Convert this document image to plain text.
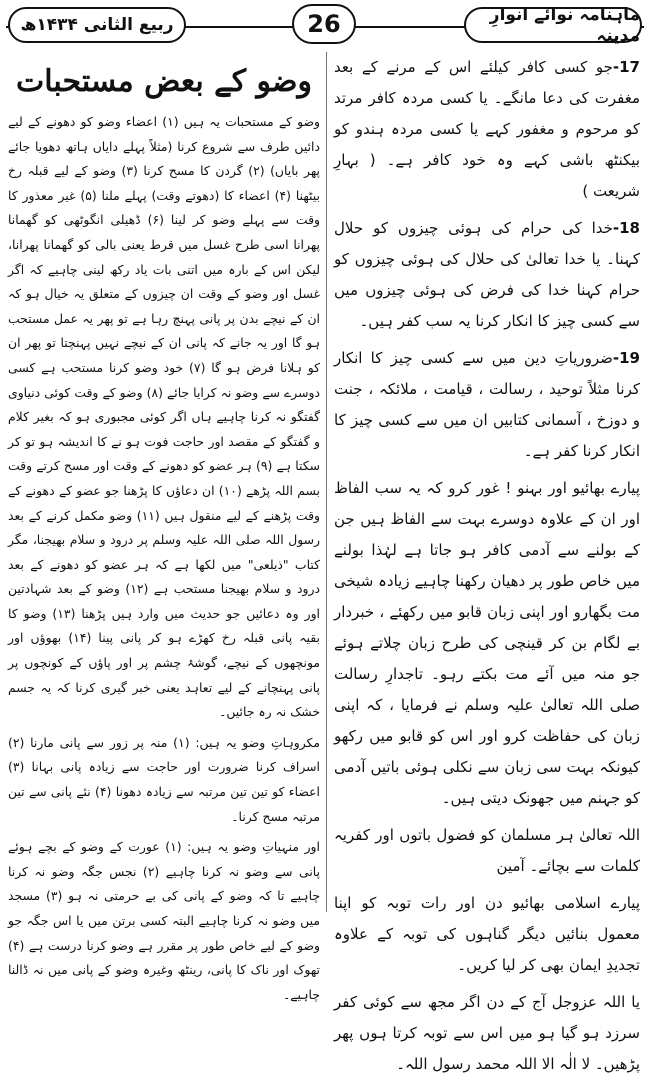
ربیع الثانی ۱۴۳۴ھ	26	ماہنامہ نوائے انوارِ مدینہ

17-جو کسی کافر کیلئے اس کے مرنے کے بعد مغفرت کی دعا مانگے۔ یا کسی مردہ کافر مرتد کو مرحوم و مغفور کہے یا کسی مردہ ہندو کو بیکنٹھ باشی کہے وہ خود کافر ہے۔ ( بہارِ شریعت )

18-خدا کی حرام کی ہوئی چیزوں کو حلال کہنا۔ یا خدا تعالیٰ کی حلال کی ہوئی چیزوں کو حرام کہنا خدا کی فرض کی ہوئی چیزوں میں سے کسی چیز کا انکار کرنا یہ سب کفر ہیں۔

19-ضروریاتِ دین میں سے کسی چیز کا انکار کرنا مثلاً توحید ، رسالت ، قیامت ، ملائکہ ، جنت و دوزخ ، آسمانی کتابیں ان میں سے کسی چیز کا انکار کرنا کفر ہے۔

پیارے بھائیو اور بہنو ! غور کرو کہ یہ سب الفاظ اور ان کے علاوہ دوسرے بہت سے الفاظ ہیں جن کے بولنے سے آدمی کافر ہو جاتا ہے لہٰذا بولنے میں خاص طور پر دھیان رکھنا چاہیے زیادہ شیخی مت بگھارو اور اپنی زبان قابو میں رکھئے ، خبردار بے لگام بن کر قینچی کی طرح زبان چلاتے ہوئے جو منہ میں آئے مت بکتے رہو۔ تاجدارِ رسالت صلی اللہ تعالیٰ علیہ وسلم نے فرمایا ، کہ اپنی زبان کی حفاظت کرو اور اس کو قابو میں رکھو کیونکہ بہت سی زبان سے نکلی ہوئی باتیں آدمی کو جہنم میں جھونک دیتی ہیں۔

اللہ تعالیٰ ہر مسلمان کو فضول باتوں اور کفریہ کلمات سے بچائے۔ آمین

پیارے اسلامی بھائیو دن اور رات توبہ کو اپنا معمول بنائیں دیگر گناہوں کی توبہ کے علاوہ تجدیدِ ایمان بھی کر لیا کریں۔

یا اللہ عزوجل آج کے دن اگر مجھ سے کوئی کفر سرزد ہو گیا ہو میں اس سے توبہ کرتا ہوں پھر پڑھیں۔ لا الٰہ الا اللہ محمد رسول اللہ۔

وضو کے بعض مستحبات

وضو کے مستحبات یہ ہیں (۱) اعضاء وضو کو دھونے کے لیے دائیں طرف سے شروع کرنا (مثلاً پہلے دایاں ہاتھ دھویا جائے پھر بایاں) (۲) گردن کا مسح کرنا (۳) وضو کے لیے قبلہ رخ بیٹھنا (۴) اعضاء کا (دھوتے وقت) پہلے ملنا (۵) غیر معذور کا وقت سے پہلے وضو کر لینا (۶) ڈھیلی انگوٹھی کو گھمانا پھرانا اسی طرح غسل میں قرط یعنی بالی کو گھمانا پھرانا، لیکن اس کے بارہ میں اتنی بات یاد رکھ لینی چاہیے کہ اگر غسل اور وضو کے وقت ان چیزوں کے متعلق یہ خیال ہو کہ ان کے نیچے بدن پر پانی پہنچ رہا ہے تو پھر یہ عمل مستحب ہو گا اور یہ جانے کہ پانی ان کے نیچے نہیں پہنچتا تو پھر ان کو ہلانا فرض ہو گا (۷) خود وضو کرنا مستحب ہے کسی دوسرے سے وضو نہ کرایا جائے (۸) وضو کے وقت کوئی دنیاوی گفتگو نہ کرنا چاہیے ہاں اگر کوئی مجبوری ہو کہ بغیر کلام و گفتگو کے مقصد اور حاجت فوت ہو نے کا اندیشہ ہو تو کر سکتا ہے (۹) ہر عضو کو دھونے کے وقت اور مسح کرتے وقت بسم اللہ پڑھے (۱۰) ان دعاؤں کا پڑھنا جو عضو کے دھونے کے وقت پڑھنے کے لیے منقول ہیں (۱۱) وضو مکمل کرنے کے بعد رسول اللہ صلی اللہ علیہ وسلم پر درود و سلام بھیجنا، مگر کتاب "ذیلعی" میں لکھا ہے کہ ہر عضو کو دھونے کے بعد درود و سلام بھیجنا مستحب ہے (۱۲) وضو کے بعد شہادتین اور وہ دعائیں جو حدیث میں وارد ہیں پڑھنا (۱۳) وضو کا بقیہ پانی قبلہ رخ کھڑے ہو کر پانی پینا (۱۴) بھوؤں اور مونچھوں کے نیچے، گوشۂ چشم پر اور پاؤں کے کونچوں پر پانی پہنچانے کے لیے تعاہد یعنی خبر گیری کرنا کہ یہ جسم خشک نہ رہ جائیں۔

مکروہاتِ وضو یہ ہیں: (۱) منہ پر زور سے پانی مارنا (۲) اسراف کرنا ضرورت اور حاجت سے زیادہ پانی بہانا (۳) اعضاء کو تین تین مرتبہ سے زیادہ دھونا (۴) نئے پانی سے تین مرتبہ مسح کرنا۔

اور منہیاتِ وضو یہ ہیں: (۱) عورت کے وضو کے بچے ہوئے پانی سے وضو نہ کرنا چاہیے (۲) نجس جگہ وضو نہ کرنا چاہیے تا کہ وضو کے پانی کی بے حرمتی نہ ہو (۳) مسجد میں وضو نہ کرنا چاہیے البتہ کسی برتن میں یا اس جگہ جو وضو کے لیے خاص طور پر مقرر ہے وضو کرنا درست ہے (۴) تھوک اور ناک کا پانی، رینٹھ وغیرہ وضو کے پانی میں نہ ڈالنا چاہیے۔
